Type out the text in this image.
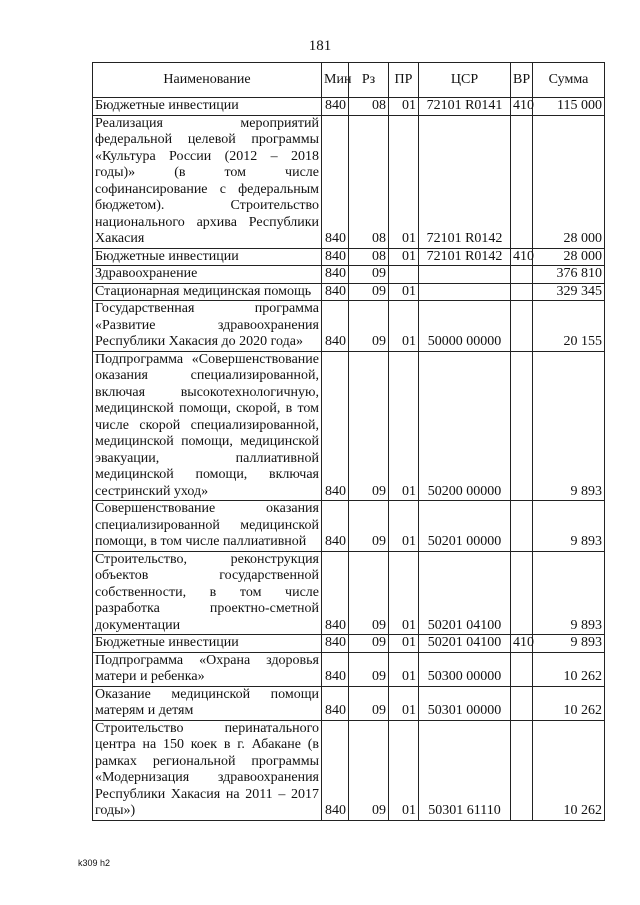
181
Наименование	Мин	Рз	ПР	ЦСР	ВР	Сумма
Бюджетные инвестиции	840	08	01	72101 R0141	410	115 000
Реализация мероприятий федеральной целевой программы «Культура России (2012 – 2018 годы)» (в том числе софинансирование с федеральным бюджетом). Строительство национального архива Республики Хакасия	840	08	01	72101 R0142		28 000
Бюджетные инвестиции	840	08	01	72101 R0142	410	28 000
Здравоохранение	840	09				376 810
Стационарная медицинская помощь	840	09	01			329 345
Государственная программа «Развитие здравоохранения Республики Хакасия до 2020 года»	840	09	01	50000 00000		20 155
Подпрограмма «Совершенствование оказания специализированной, включая высокотехнологичную, медицинской помощи, скорой, в том числе скорой специализированной, медицинской помощи, медицинской эвакуации, паллиативной медицинской помощи, включая сестринский уход»	840	09	01	50200 00000		9 893
Совершенствование оказания специализированной медицинской помощи, в том числе паллиативной	840	09	01	50201 00000		9 893
Строительство, реконструкция объектов государственной собственности, в том числе разработка проектно-сметной документации	840	09	01	50201 04100		9 893
Бюджетные инвестиции	840	09	01	50201 04100	410	9 893
Подпрограмма «Охрана здоровья матери и ребенка»	840	09	01	50300 00000		10 262
Оказание медицинской помощи матерям и детям	840	09	01	50301 00000		10 262
Строительство перинатального центра на 150 коек в г. Абакане (в рамках региональной программы «Модернизация здравоохранения Республики Хакасия на 2011 – 2017 годы»)	840	09	01	50301 61110		10 262
k309 h2
